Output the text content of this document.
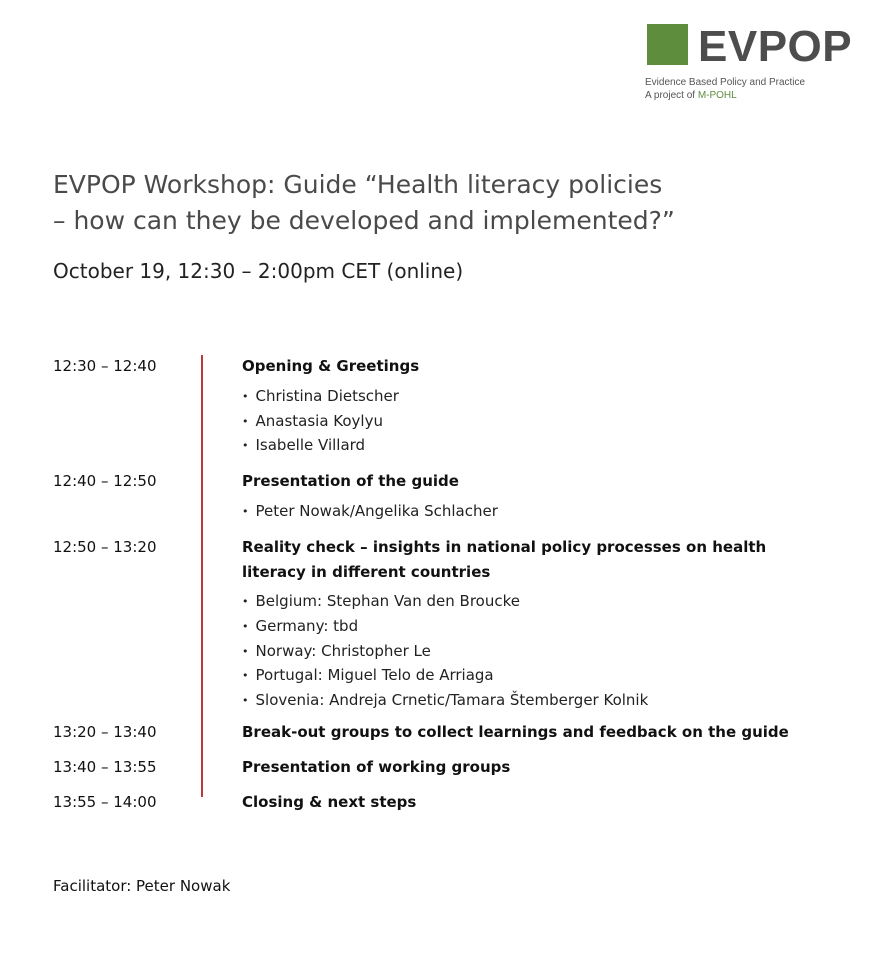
EVPOP
Evidence Based Policy and Practice
A project of M-POHL
EVPOP Workshop: Guide “Health literacy policies
– how can they be developed and implemented?”
October 19, 12:30 – 2:00pm CET (online)
12:30 – 12:40	Opening & Greetings
• Christina Dietscher
• Anastasia Koylyu
• Isabelle Villard
12:40 – 12:50	Presentation of the guide
• Peter Nowak/Angelika Schlacher
12:50 – 13:20	Reality check – insights in national policy processes on health literacy in different countries
• Belgium: Stephan Van den Broucke
• Germany: tbd
• Norway: Christopher Le
• Portugal: Miguel Telo de Arriaga
• Slovenia: Andreja Crnetic/Tamara Štemberger Kolnik
13:20 – 13:40	Break-out groups to collect learnings and feedback on the guide
13:40 – 13:55	Presentation of working groups
13:55 – 14:00	Closing & next steps
Facilitator: Peter Nowak
